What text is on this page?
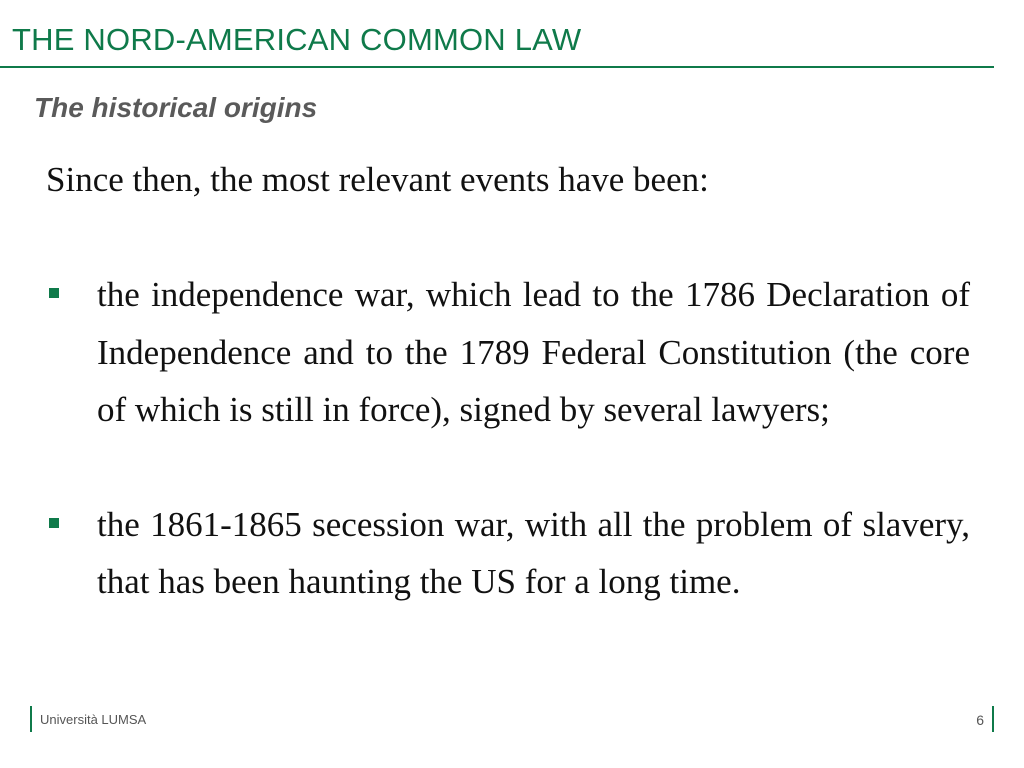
THE NORD-AMERICAN COMMON LAW
The historical origins
Since then, the most relevant events have been:
the independence war, which lead to the 1786 Declaration of Independence and to the 1789 Federal Constitution (the core of which is still in force), signed by several lawyers;
the 1861-1865 secession war, with all the problem of slavery, that has been haunting the US for a long time.
Università LUMSA	6
